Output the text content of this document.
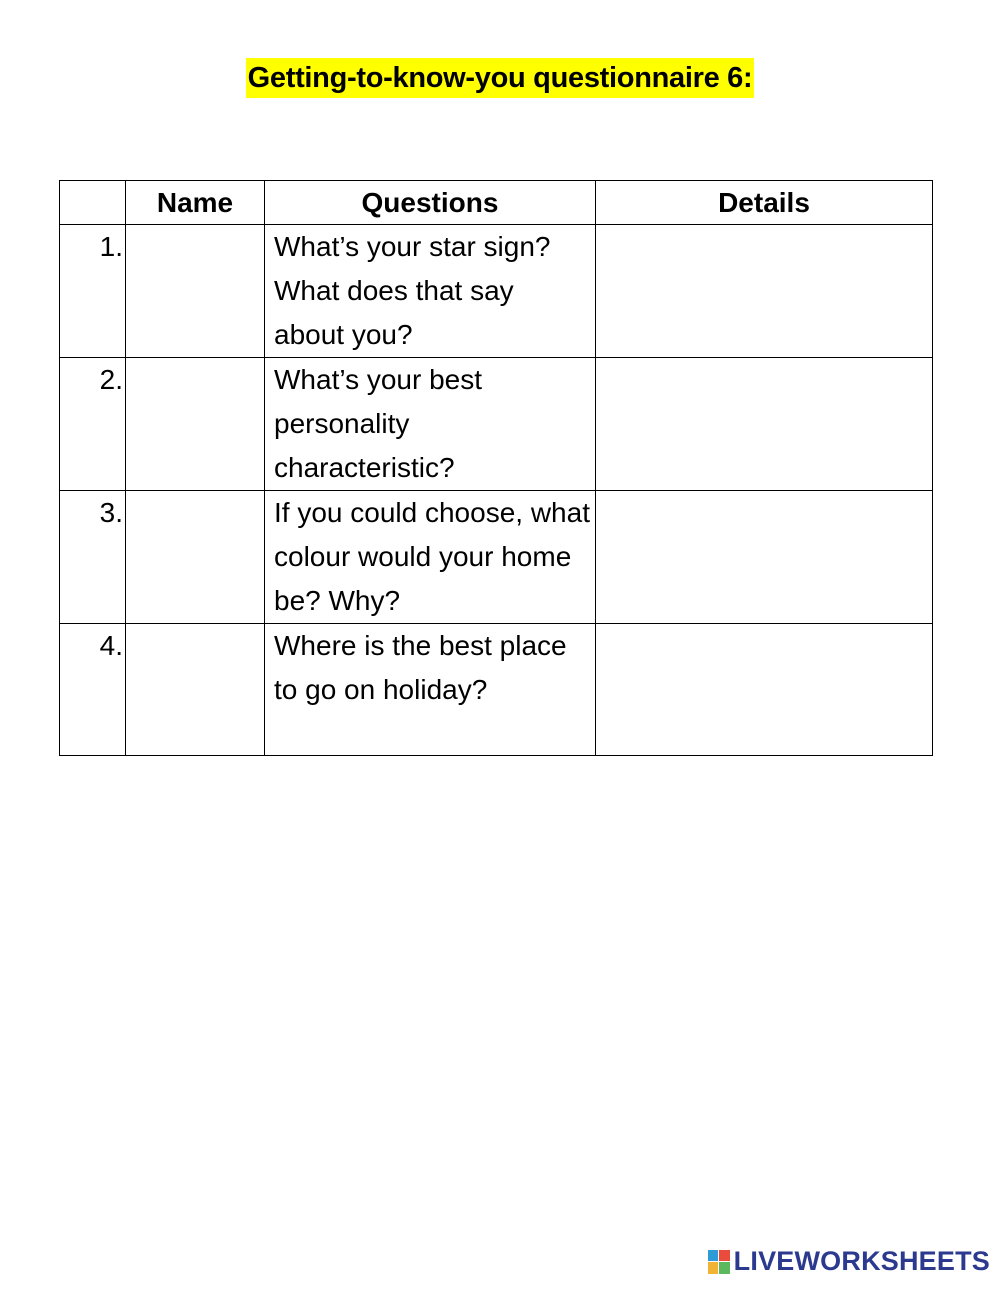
Getting-to-know-you questionnaire 6:
	Name	Questions	Details
1.		What’s your star sign? What does that say about you?	
2.		What’s your best personality characteristic?	
3.		If you could choose, what colour would your home be? Why?	
4.		Where is the best place to go on holiday?	
LIVEWORKSHEETS
